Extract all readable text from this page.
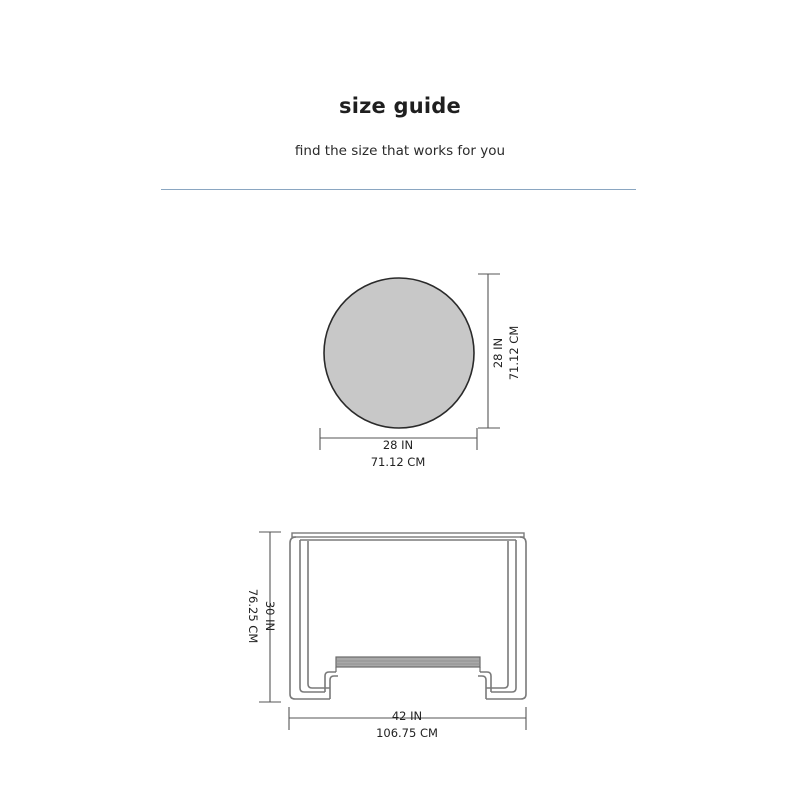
size guide
find the size that works for you
28 IN
71.12 CM
28 IN 71.12 CM
30 IN
76.25 CM
42 IN
106.75 CM
